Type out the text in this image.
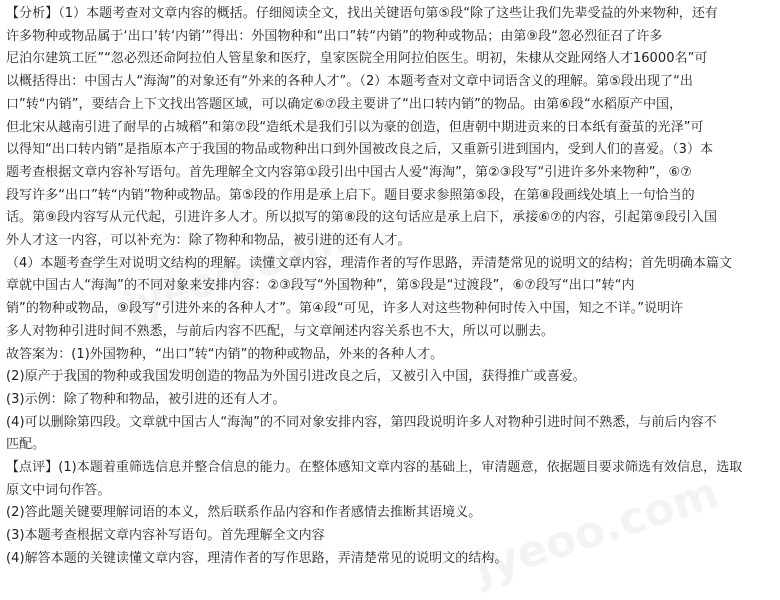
【分析】（1）本题考查对文章内容的概括。仔细阅读全文，找出关键语句第⑤段“除了这些让我们先辈受益的外来物种，还有
许多物种或物品属于‘出口’转‘内销’”得出：外国物种和“出口”转“内销”的物种或物品；由第⑨段“忽必烈征召了许多
尼泊尔建筑工匠”“忽必烈还命阿拉伯人管星象和医疗，皇家医院全用阿拉伯医生。明初，朱棣从交趾网络人才16000名”可
以概括得出：中国古人“海淘”的对象还有“外来的各种人才”。（2）本题考查对文章中词语含义的理解。第⑤段出现了“出
口”转“内销”，要结合上下文找出答题区域，可以确定⑥⑦段主要讲了“出口转内销”的物品。由第⑥段“水稻原产中国，
但北宋从越南引进了耐旱的占城稻”和第⑦段“造纸术是我们引以为豪的创造，但唐朝中期进贡来的日本纸有蚕茧的光泽”可
以得知“出口转内销”是指原本产于我国的物品或物种出口到外国被改良之后，又重新引进到国内，受到人们的喜爱。（3）本
题考查根据文章内容补写语句。首先理解全文内容第①段引出中国古人爱“海淘”，第②③段写“引进许多外来物种”，⑥⑦
段写许多“出口”转“内销”物种或物品。第⑤段的作用是承上启下。题目要求参照第⑤段，在第⑧段画线处填上一句恰当的
话。第⑨段内容写从元代起，引进许多人才。所以拟写的第⑧段的这句话应是承上启下，承接⑥⑦的内容，引起第⑨段引入国
外人才这一内容，可以补充为：除了物种和物品，被引进的还有人才。
（4）本题考查学生对说明文结构的理解。读懂文章内容，理清作者的写作思路，弄清楚常见的说明文的结构；首先明确本篇文
章就中国古人“海淘”的不同对象来安排内容：②③段写“外国物种”，第⑤段是“过渡段”，⑥⑦段写“出口”转“内
销”的物种或物品，⑨段写“引进外来的各种人才”。第④段“可见，许多人对这些物种何时传入中国，知之不详。”说明许
多人对物种引进时间不熟悉，与前后内容不匹配，与文章阐述内容关系也不大，所以可以删去。
故答案为：(1)外国物种，“出口”转“内销”的物种或物品，外来的各种人才。
(2)原产于我国的物种或我国发明创造的物品为外国引进改良之后，又被引入中国，获得推广或喜爱。
(3)示例：除了物种和物品，被引进的还有人才。
(4)可以删除第四段。文章就中国古人“海淘”的不同对象安排内容，第四段说明许多人对物种引进时间不熟悉，与前后内容不
匹配。
【点评】(1)本题着重筛选信息并整合信息的能力。在整体感知文章内容的基础上，审清题意，依据题目要求筛选有效信息，选取
原文中词句作答。
(2)答此题关键要理解词语的本义，然后联系作品内容和作者感情去推断其语境义。
(3)本题考查根据文章内容补写语句。首先理解全文内容
(4)解答本题的关键读懂文章内容，理清作者的写作思路，弄清楚常见的说明文的结构。
